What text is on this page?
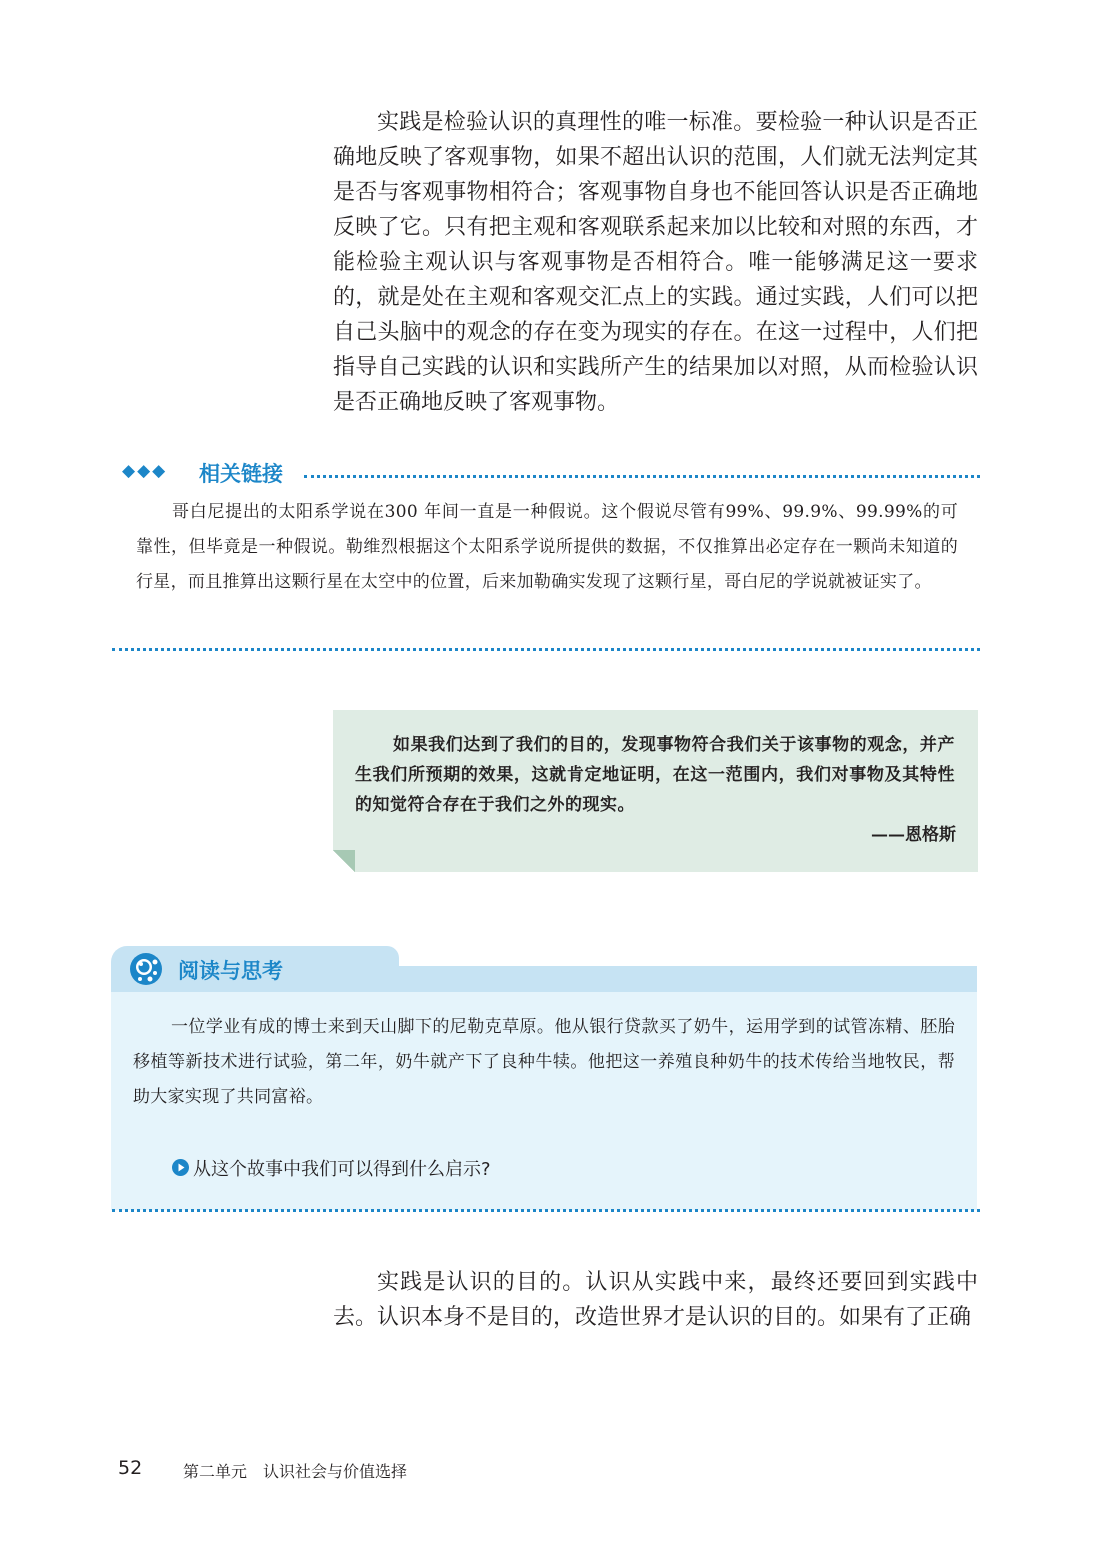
实践是检验认识的真理性的唯一标准。要检验一种认识是否正确地反映了客观事物，如果不超出认识的范围，人们就无法判定其是否与客观事物相符合；客观事物自身也不能回答认识是否正确地反映了它。只有把主观和客观联系起来加以比较和对照的东西，才能检验主观认识与客观事物是否相符合。唯一能够满足这一要求的，就是处在主观和客观交汇点上的实践。通过实践，人们可以把自己头脑中的观念的存在变为现实的存在。在这一过程中，人们把指导自己实践的认识和实践所产生的结果加以对照，从而检验认识是否正确地反映了客观事物。

◆◆◆ 相关链接

哥白尼提出的太阳系学说在300 年间一直是一种假说。这个假说尽管有99%、99.9%、99.99%的可靠性，但毕竟是一种假说。勒维烈根据这个太阳系学说所提供的数据，不仅推算出必定存在一颗尚未知道的行星，而且推算出这颗行星在太空中的位置，后来加勒确实发现了这颗行星，哥白尼的学说就被证实了。

如果我们达到了我们的目的，发现事物符合我们关于该事物的观念，并产生我们所预期的效果，这就肯定地证明，在这一范围内，我们对事物及其特性的知觉符合存在于我们之外的现实。

——恩格斯
阅读与思考

一位学业有成的博士来到天山脚下的尼勒克草原。他从银行贷款买了奶牛，运用学到的试管冻精、胚胎移植等新技术进行试验，第二年，奶牛就产下了良种牛犊。他把这一养殖良种奶牛的技术传给当地牧民，帮助大家实现了共同富裕。

从这个故事中我们可以得到什么启示?

实践是认识的目的。认识从实践中来，最终还要回到实践中去。认识本身不是目的，改造世界才是认识的目的。如果有了正确

52	第二单元　认识社会与价值选择
